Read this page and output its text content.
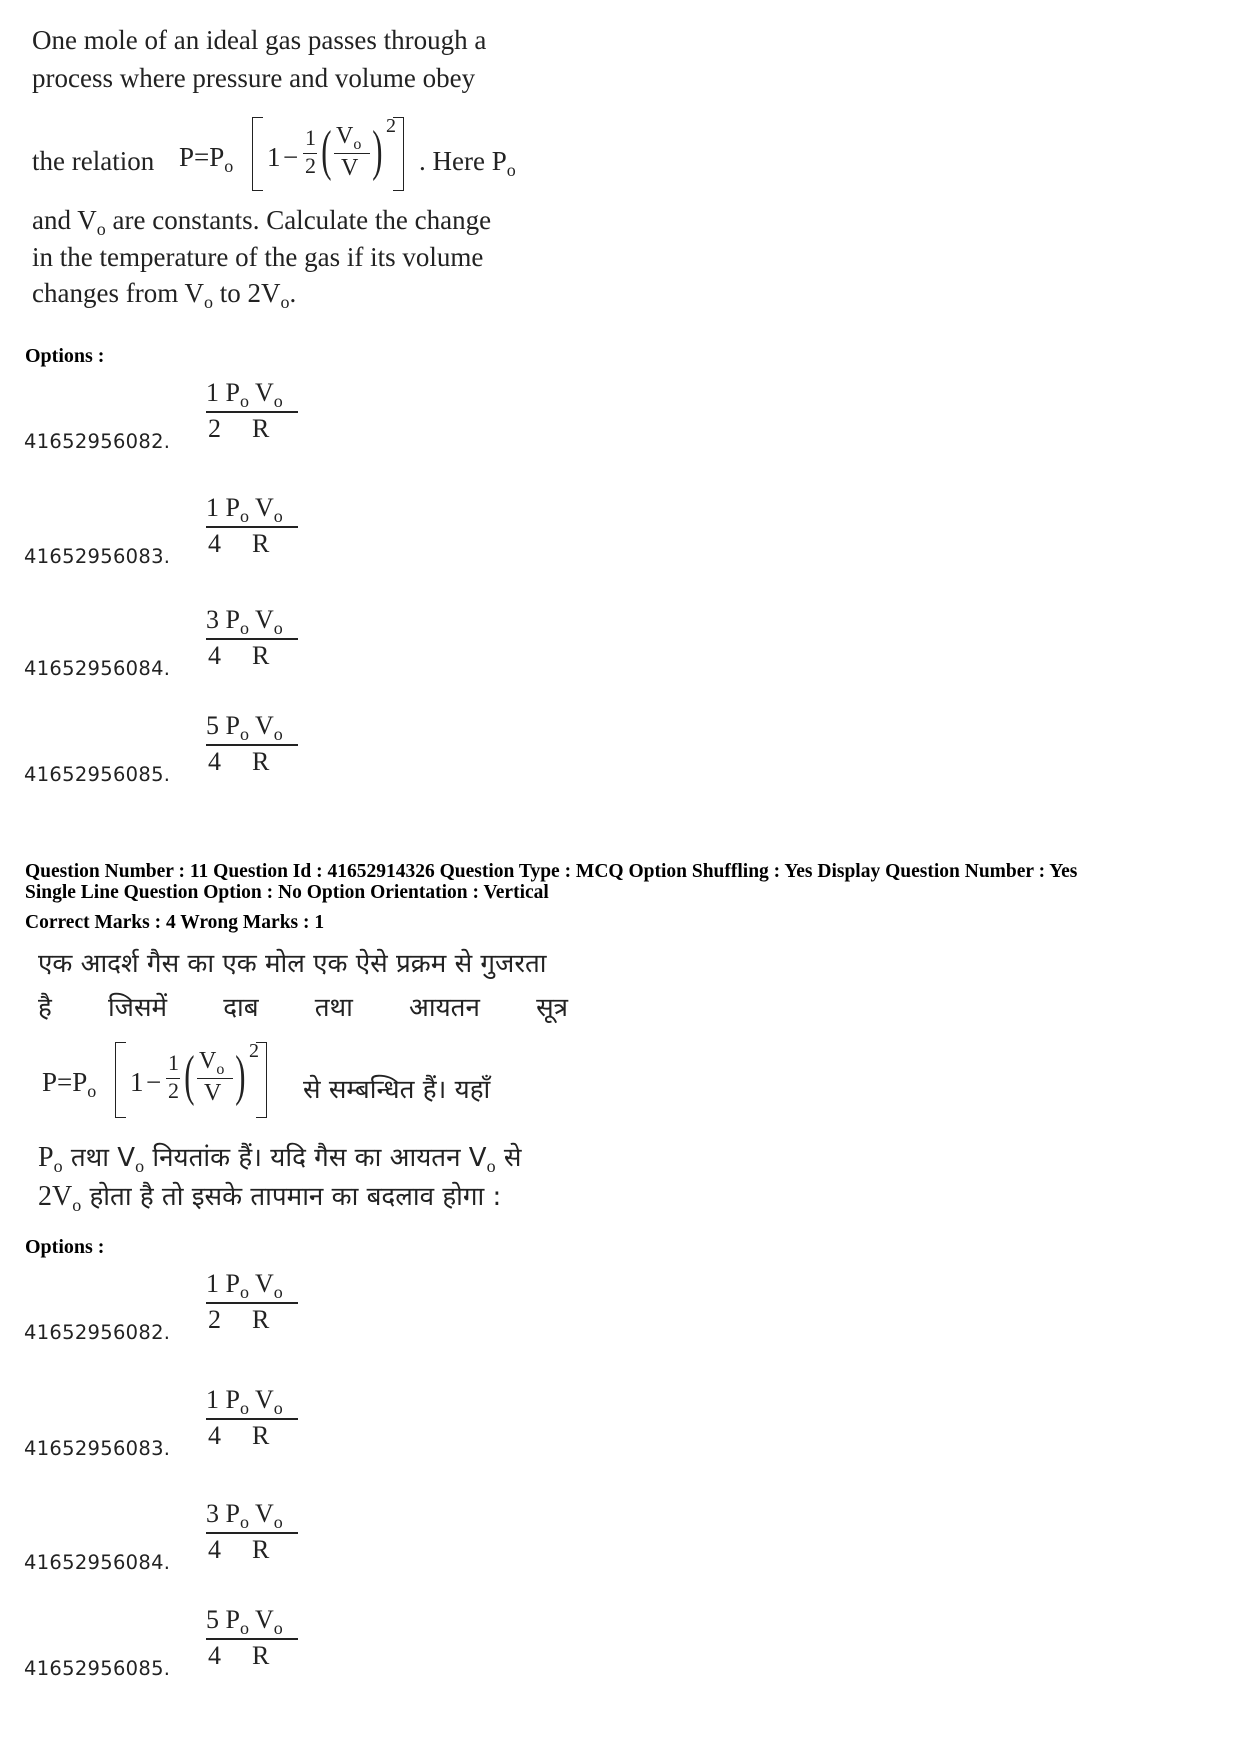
One mole of an ideal gas passes through a
process where pressure and volume obey
the relation $P=P_o$ 1 −
1
2 ( $V_o$
V ) 2
. Here $P_o$
and $V_o$ are constants. Calculate the change
in the temperature of the gas if its volume
changes from $V_o$ to $2V_o$.
Options :
41652956082.
1 $P_o$ $V_o$
2 R
41652956083.
1 $P_o$ $V_o$
4 R
41652956084.
3 $P_o$ $V_o$
4 R
41652956085.
5 $P_o$ $V_o$
4 R
Question Number : 11 Question Id : 41652914326 Question Type : MCQ Option Shuffling : Yes Display Question Number : Yes
Single Line Question Option : No Option Orientation : Vertical
Correct Marks : 4 Wrong Marks : 1
एक आदर्श गैस का एक मोल एक ऐसे प्रक्रम से गुजरता
है जिसमें दाब तथा आयतन सूत्र
$P=P_o$ 1 −
1
2 ( $V_o$
V ) 2
से सम्बन्धित हैं। यहाँ
$P_o$ तथा $V_o$ नियतांक हैं। यदि गैस का आयतन $V_o$ से
$2V_o$ होता है तो इसके तापमान का बदलाव होगा :
Options :
41652956082.
1 $P_o$ $V_o$
2 R
41652956083.
1 $P_o$ $V_o$
4 R
41652956084.
3 $P_o$ $V_o$
4 R
41652956085.
5 $P_o$ $V_o$
4 R
